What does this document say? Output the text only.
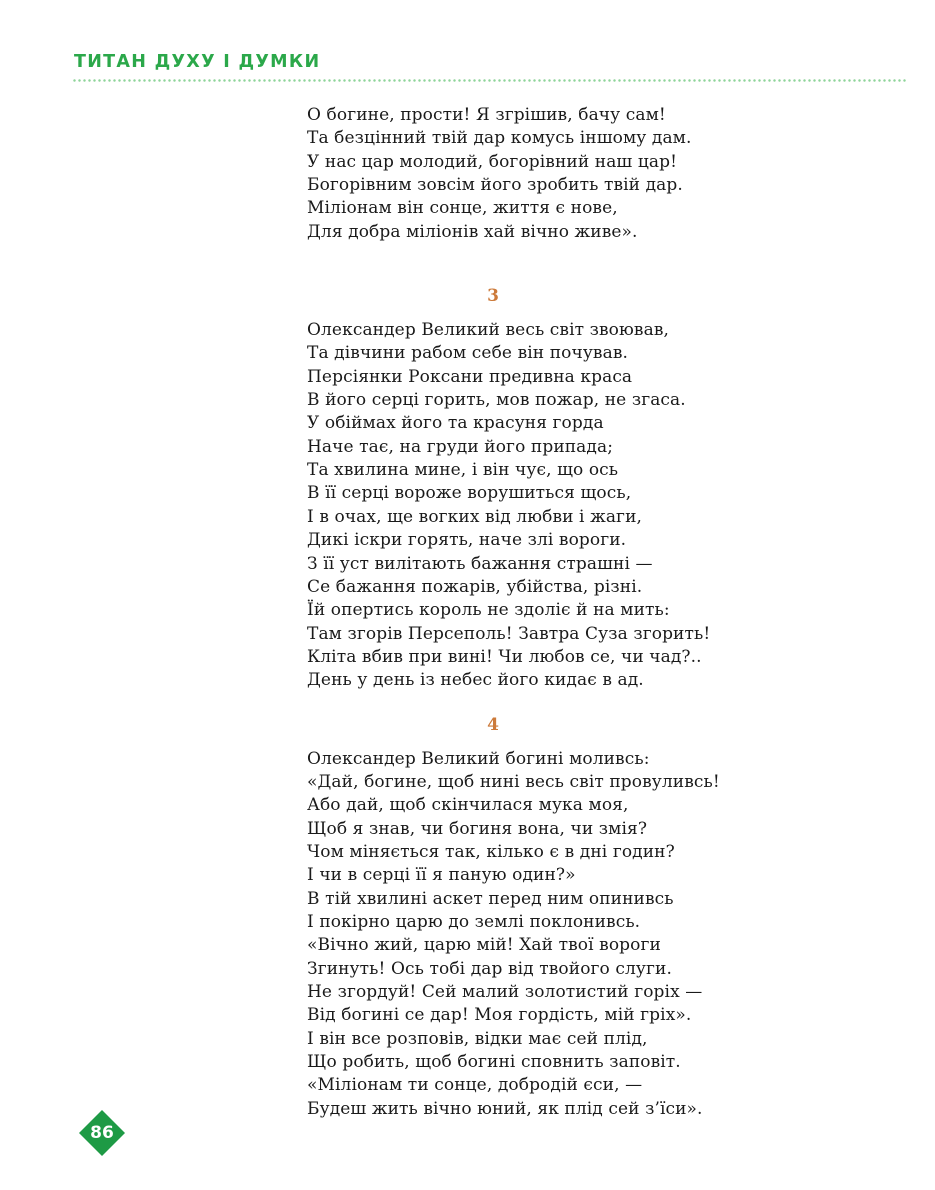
ТИТАН ДУХУ І ДУМКИ
О богине, прости! Я згрішив, бачу сам!
Та безцінний твій дар комусь іншому дам.
У нас цар молодий, богорівний наш цар!
Богорівним зовсім його зробить твій дар.
Міліонам він сонце, життя є нове,
Для добра міліонів хай вічно живе».
3
Олександер Великий весь світ звоював,
Та дівчини рабом себе він почував.
Персіянки Роксани предивна краса
В його серці горить, мов пожар, не згаса.
У обіймах його та красуня горда
Наче тає, на груди його припада;
Та хвилина мине, і він чує, що ось
В її серці вороже ворушиться щось,
І в очах, ще вогких від любви і жаги,
Дикі іскри горять, наче злі вороги.
З її уст вилітають бажання страшні —
Се бажання пожарів, убійства, різні.
Їй опертись король не здоліє й на мить:
Там згорів Персеполь! Завтра Суза згорить!
Кліта вбив при вині! Чи любов се, чи чад?..
День у день із небес його кидає в ад.
4
Олександер Великий богині моливсь:
«Дай, богине, щоб нині весь світ провуливсь!
Або дай, щоб скінчилася мука моя,
Щоб я знав, чи богиня вона, чи змія?
Чом міняється так, кілько є в дні годин?
І чи в серці її я паную один?»
В тій хвилині аскет перед ним опинивсь
І покірно царю до землі поклонивсь.
«Вічно жий, царю мій! Хай твої вороги
Згинуть! Ось тобі дар від твойого слуги.
Не згордуй! Сей малий золотистий горіх —
Від богині се дар! Моя гордість, мій гріх».
І він все розповів, відки має сей плід,
Що робить, щоб богині сповнить заповіт.
«Міліонам ти сонце, добродій єси, —
Будеш жить вічно юний, як плід сей з’їси».
86
